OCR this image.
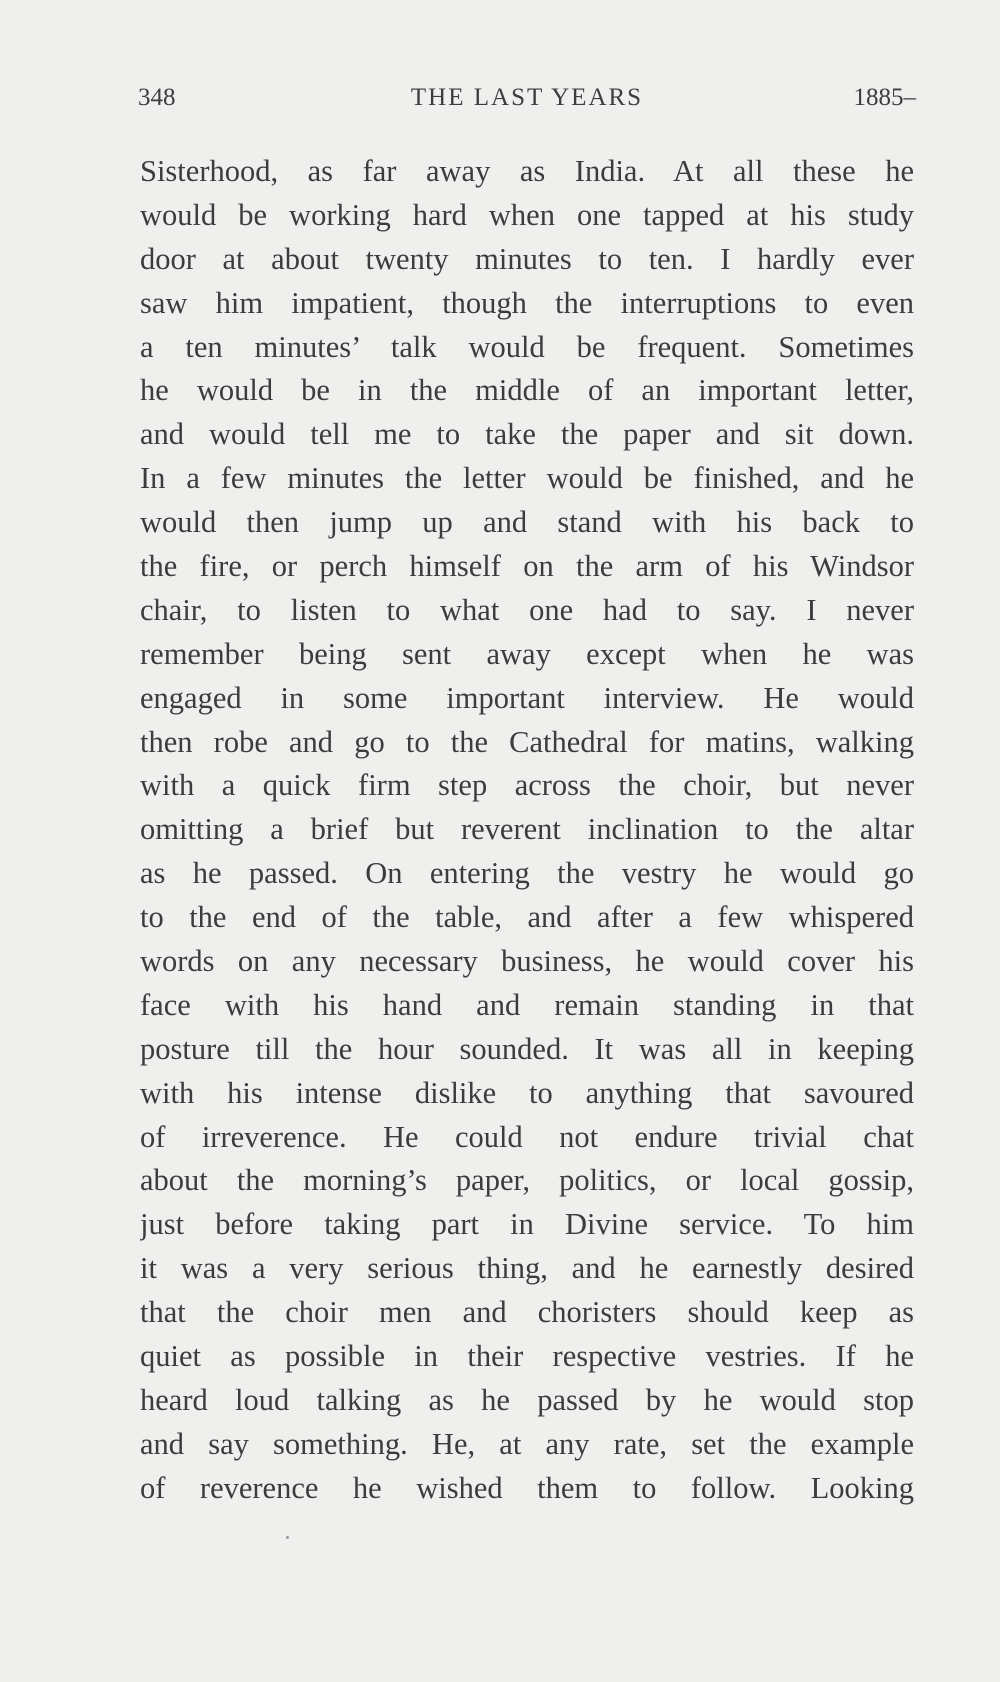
348	THE LAST YEARS	1885–
Sisterhood, as far away as India. At all these he
would be working hard when one tapped at his study
door at about twenty minutes to ten. I hardly ever
saw him impatient, though the interruptions to even
a ten minutes’ talk would be frequent. Sometimes
he would be in the middle of an important letter,
and would tell me to take the paper and sit down.
In a few minutes the letter would be finished, and he
would then jump up and stand with his back to
the fire, or perch himself on the arm of his Windsor
chair, to listen to what one had to say. I never
remember being sent away except when he was
engaged in some important interview. He would
then robe and go to the Cathedral for matins, walking
with a quick firm step across the choir, but never
omitting a brief but reverent inclination to the altar
as he passed. On entering the vestry he would go
to the end of the table, and after a few whispered
words on any necessary business, he would cover his
face with his hand and remain standing in that
posture till the hour sounded. It was all in keeping
with his intense dislike to anything that savoured
of irreverence. He could not endure trivial chat
about the morning’s paper, politics, or local gossip,
just before taking part in Divine service. To him
it was a very serious thing, and he earnestly desired
that the choir men and choristers should keep as
quiet as possible in their respective vestries. If he
heard loud talking as he passed by he would stop
and say something. He, at any rate, set the example
of reverence he wished them to follow. Looking
